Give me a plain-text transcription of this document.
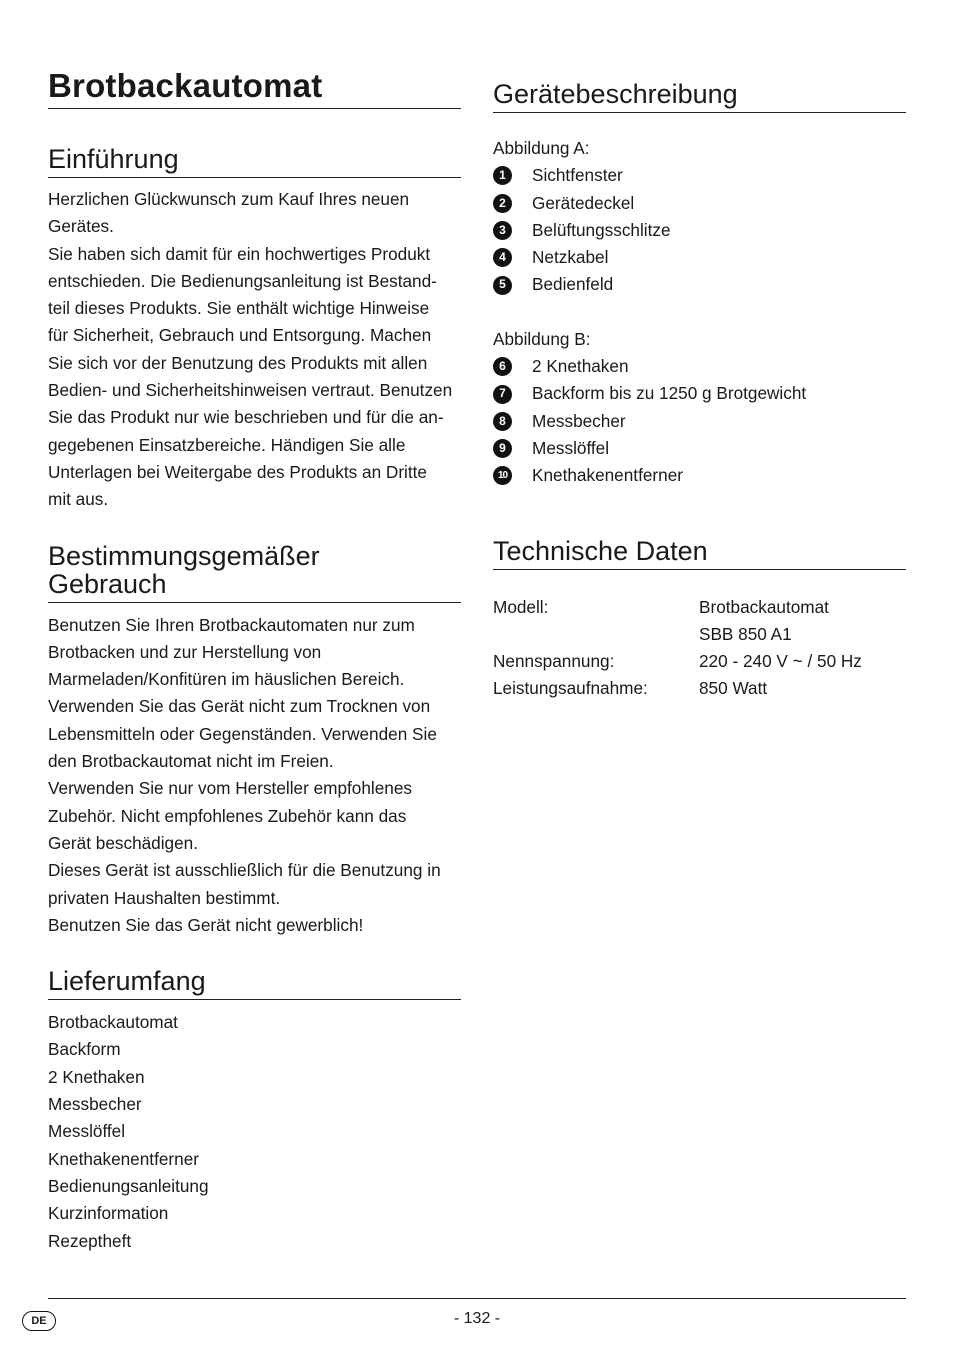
Brotbackautomat
Einführung
Herzlichen Glückwunsch zum Kauf Ihres neuen
Gerätes.
Sie haben sich damit für ein hochwertiges Produkt
entschieden. Die Bedienungsanleitung ist Bestand-
teil dieses Produkts. Sie enthält wichtige Hinweise
für Sicherheit, Gebrauch und Entsorgung. Machen
Sie sich vor der Benutzung des Produkts mit allen
Bedien- und Sicherheitshinweisen vertraut. Benutzen
Sie das Produkt nur wie beschrieben und für die an-
gegebenen Einsatzbereiche. Händigen Sie alle
Unterlagen bei Weitergabe des Produkts an Dritte
mit aus.
Bestimmungsgemäßer
Gebrauch
Benutzen Sie Ihren Brotbackautomaten nur zum
Brotbacken und zur Herstellung von
Marmeladen/Konfitüren im häuslichen Bereich.
Verwenden Sie das Gerät nicht zum Trocknen von
Lebensmitteln oder Gegenständen. Verwenden Sie
den Brotbackautomat nicht im Freien.
Verwenden Sie nur vom Hersteller empfohlenes
Zubehör. Nicht empfohlenes Zubehör kann das
Gerät beschädigen.
Dieses Gerät ist ausschließlich für die Benutzung in
privaten Haushalten bestimmt.
Benutzen Sie das Gerät nicht gewerblich!
Lieferumfang
Brotbackautomat
Backform
2 Knethaken
Messbecher
Messlöffel
Knethakenentferner
Bedienungsanleitung
Kurzinformation
Rezeptheft
Gerätebeschreibung
Abbildung A:
1	Sichtfenster
2	Gerätedeckel
3	Belüftungsschlitze
4	Netzkabel
5	Bedienfeld
Abbildung B:
6	2 Knethaken
7	Backform bis zu 1250 g Brotgewicht
8	Messbecher
9	Messlöffel
10 Knethakenentferner
Technische Daten
Modell:	Brotbackautomat
SBB 850 A1
Nennspannung:	220 - 240 V ~ / 50 Hz
Leistungsaufnahme:	850 Watt
DE	- 132 -
